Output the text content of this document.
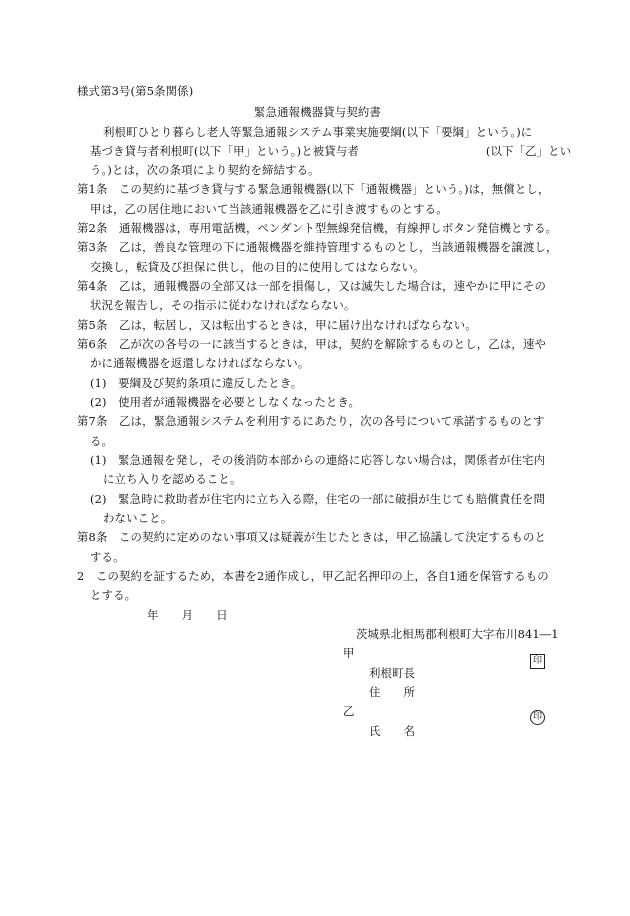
様式第3号(第5条関係)
緊急通報機器貸与契約書
利根町ひとり暮らし老人等緊急通報システム事業実施要綱(以下「要綱」という。)に
基づき貸与者利根町(以下「甲」という。)と被貸与者　　　　　　　　　　　(以下「乙」とい
う。)とは，次の条項により契約を締結する。
第1条　この契約に基づき貸与する緊急通報機器(以下「通報機器」という。)は，無償とし，
甲は，乙の居住地において当該通報機器を乙に引き渡すものとする。
第2条　通報機器は，専用電話機，ペンダント型無線発信機，有線押しボタン発信機とする。
第3条　乙は，善良な管理の下に通報機器を維持管理するものとし，当該通報機器を譲渡し，
交換し，転貸及び担保に供し，他の目的に使用してはならない。
第4条　乙は，通報機器の全部又は一部を損傷し，又は滅失した場合は，速やかに甲にその
状況を報告し，その指示に従わなければならない。
第5条　乙は，転居し，又は転出するときは，甲に届け出なければならない。
第6条　乙が次の各号の一に該当するときは，甲は，契約を解除するものとし，乙は，速や
かに通報機器を返還しなければならない。
(1)　要綱及び契約条項に違反したとき。
(2)　使用者が通報機器を必要としなくなったとき。
第7条　乙は，緊急通報システムを利用するにあたり，次の各号について承諾するものとす
る。
(1)　緊急通報を発し，その後消防本部からの連絡に応答しない場合は，関係者が住宅内
に立ち入りを認めること。
(2)　緊急時に救助者が住宅内に立ち入る際，住宅の一部に破損が生じても賠償責任を問
わないこと。
第8条　この契約に定めのない事項又は疑義が生じたときは，甲乙協議して決定するものと
する。
2　この契約を証するため，本書を2通作成し，甲乙記名押印の上，各自1通を保管するもの
とする。
年　　月　　日
茨城県北相馬郡利根町大字布川841―1
甲
利根町長
印
住　　所
乙
氏　　名
印
